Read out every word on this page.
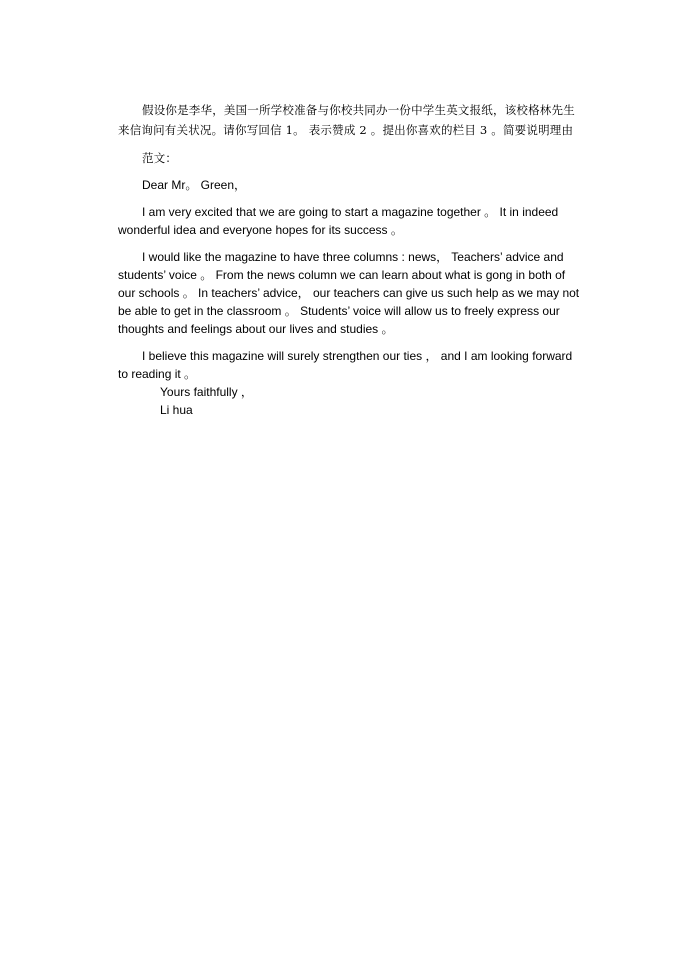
假设你是李华，美国一所学校准备与你校共同办一份中学生英文报纸，该校格林先生来信询问有关状况。请你写回信 1。 表示赞成 2 。提出你喜欢的栏目 3 。简要说明理由

范文：

Dear Mr。 Green，

I am very excited that we are going to start a magazine together 。 It in indeed wonderful idea and everyone hopes for its success 。

I would like the magazine to have three columns : news， Teachers’ advice and students’ voice 。 From the news column we can learn about what is gong in both of our schools 。 In teachers’ advice， our teachers can give us such help as we may not be able to get in the classroom 。 Students’ voice will allow us to freely express our thoughts and feelings about our lives and studies 。

I believe this magazine will surely strengthen our ties ， and I am looking forward to reading it 。

Yours faithfully ，

Li hua
